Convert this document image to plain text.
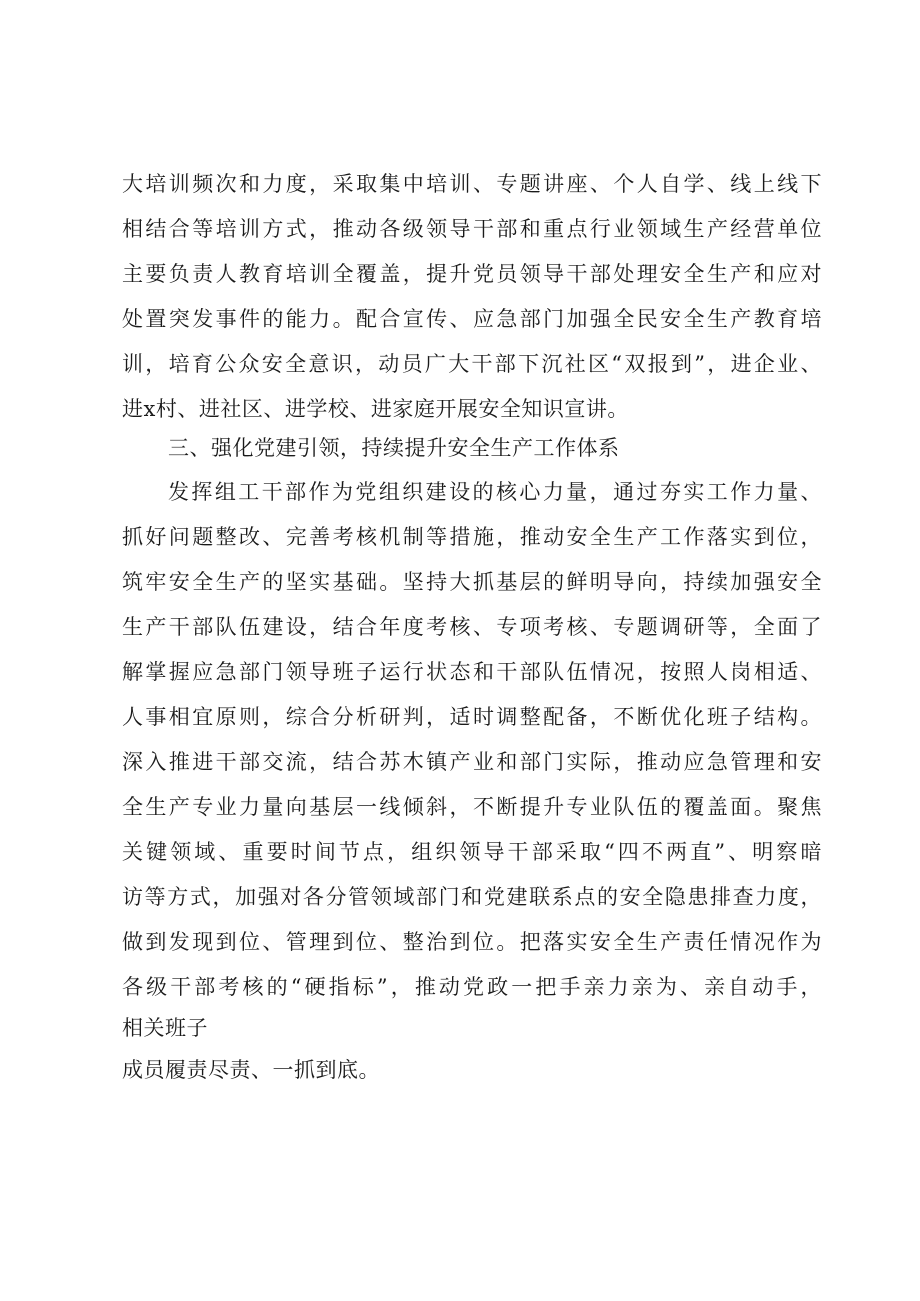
大培训频次和力度，采取集中培训、专题讲座、个人自学、线上线下
相结合等培训方式，推动各级领导干部和重点行业领域生产经营单位
主要负责人教育培训全覆盖，提升党员领导干部处理安全生产和应对
处置突发事件的能力。配合宣传、应急部门加强全民安全生产教育培
训，培育公众安全意识，动员广大干部下沉社区“双报到”，进企业、
进x村、进社区、进学校、进家庭开展安全知识宣讲。
三、强化党建引领，持续提升安全生产工作体系
发挥组工干部作为党组织建设的核心力量，通过夯实工作力量、
抓好问题整改、完善考核机制等措施，推动安全生产工作落实到位，
筑牢安全生产的坚实基础。坚持大抓基层的鲜明导向，持续加强安全
生产干部队伍建设，结合年度考核、专项考核、专题调研等，全面了
解掌握应急部门领导班子运行状态和干部队伍情况，按照人岗相适、
人事相宜原则，综合分析研判，适时调整配备，不断优化班子结构。
深入推进干部交流，结合苏木镇产业和部门实际，推动应急管理和安
全生产专业力量向基层一线倾斜，不断提升专业队伍的覆盖面。聚焦
关键领域、重要时间节点，组织领导干部采取“四不两直”、明察暗
访等方式，加强对各分管领域部门和党建联系点的安全隐患排查力度，
做到发现到位、管理到位、整治到位。把落实安全生产责任情况作为
各级干部考核的“硬指标”，推动党政一把手亲力亲为、亲自动手，
相关班子
成员履责尽责、一抓到底。
